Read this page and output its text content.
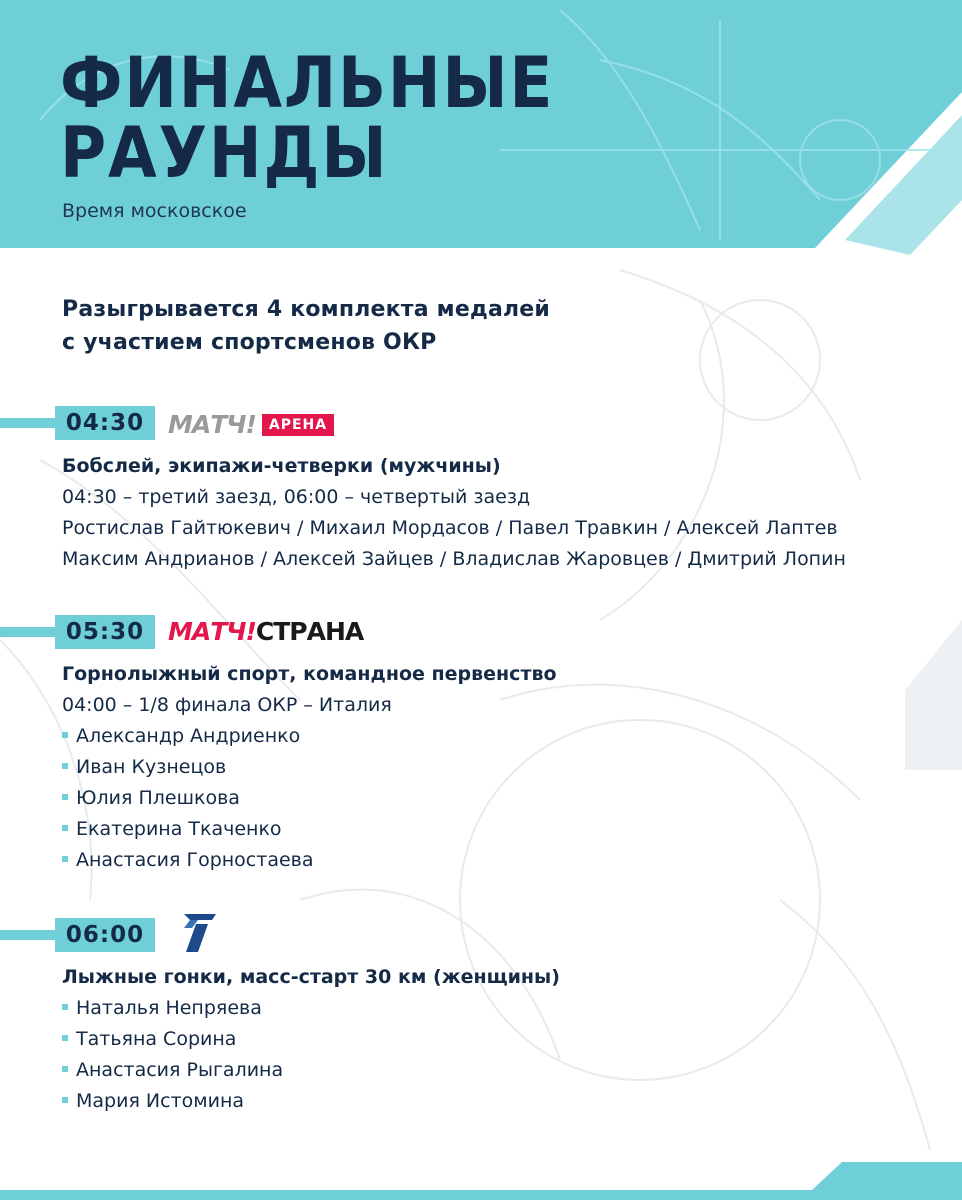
ФИНАЛЬНЫЕ
РАУНДЫ
Время московское
Разыгрывается 4 комплекта медалей
с участием спортсменов ОКР
04:30 МАТЧ! АРЕНА
Бобслей, экипажи-четверки (мужчины)
04:30 – третий заезд, 06:00 – четвертый заезд
Ростислав Гайтюкевич / Михаил Мордасов / Павел Травкин / Алексей Лаптев
Максим Андрианов / Алексей Зайцев / Владислав Жаровцев / Дмитрий Лопин
05:30 МАТЧ!СТРАНА
Горнолыжный спорт, командное первенство
04:00 – 1/8 финала ОКР – Италия
Александр Андриенко
Иван Кузнецов
Юлия Плешкова
Екатерина Ткаченко
Анастасия Горностаева
06:00
Лыжные гонки, масс-старт 30 км (женщины)
Наталья Непряева
Татьяна Сорина
Анастасия Рыгалина
Мария Истомина
